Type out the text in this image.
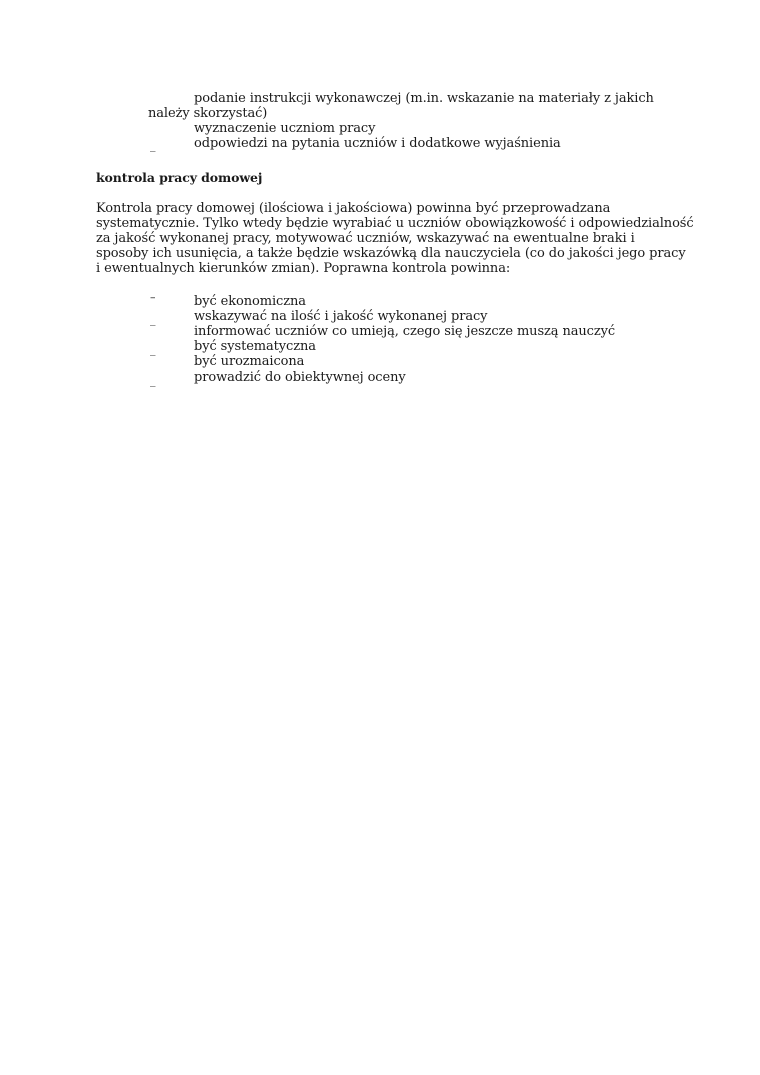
podanie instrukcji wykonawczej (m.in. wskazanie na materiały z jakich
należy skorzystać)
wyznaczenie uczniom pracy
_	odpowiedzi na pytania uczniów i dodatkowe wyjaśnienia
kontrola pracy domowej
Kontrola pracy domowej (ilościowa i jakościowa) powinna być przeprowadzana
systematycznie. Tylko wtedy będzie wyrabiać u uczniów obowiązkowość i odpowiedzialność
za jakość wykonanej pracy, motywować uczniów, wskazywać na ewentualne braki i
sposoby ich usunięcia, a także będzie wskazówką dla nauczyciela (co do jakości jego pracy
i ewentualnych kierunków zmian). Poprawna kontrola powinna:
–	być ekonomiczna
_	wskazywać na ilość i jakość wykonanej pracy
informować uczniów co umieją, czego się jeszcze muszą nauczyć
_	być systematyczna
być urozmaicona
_	prowadzić do obiektywnej oceny
